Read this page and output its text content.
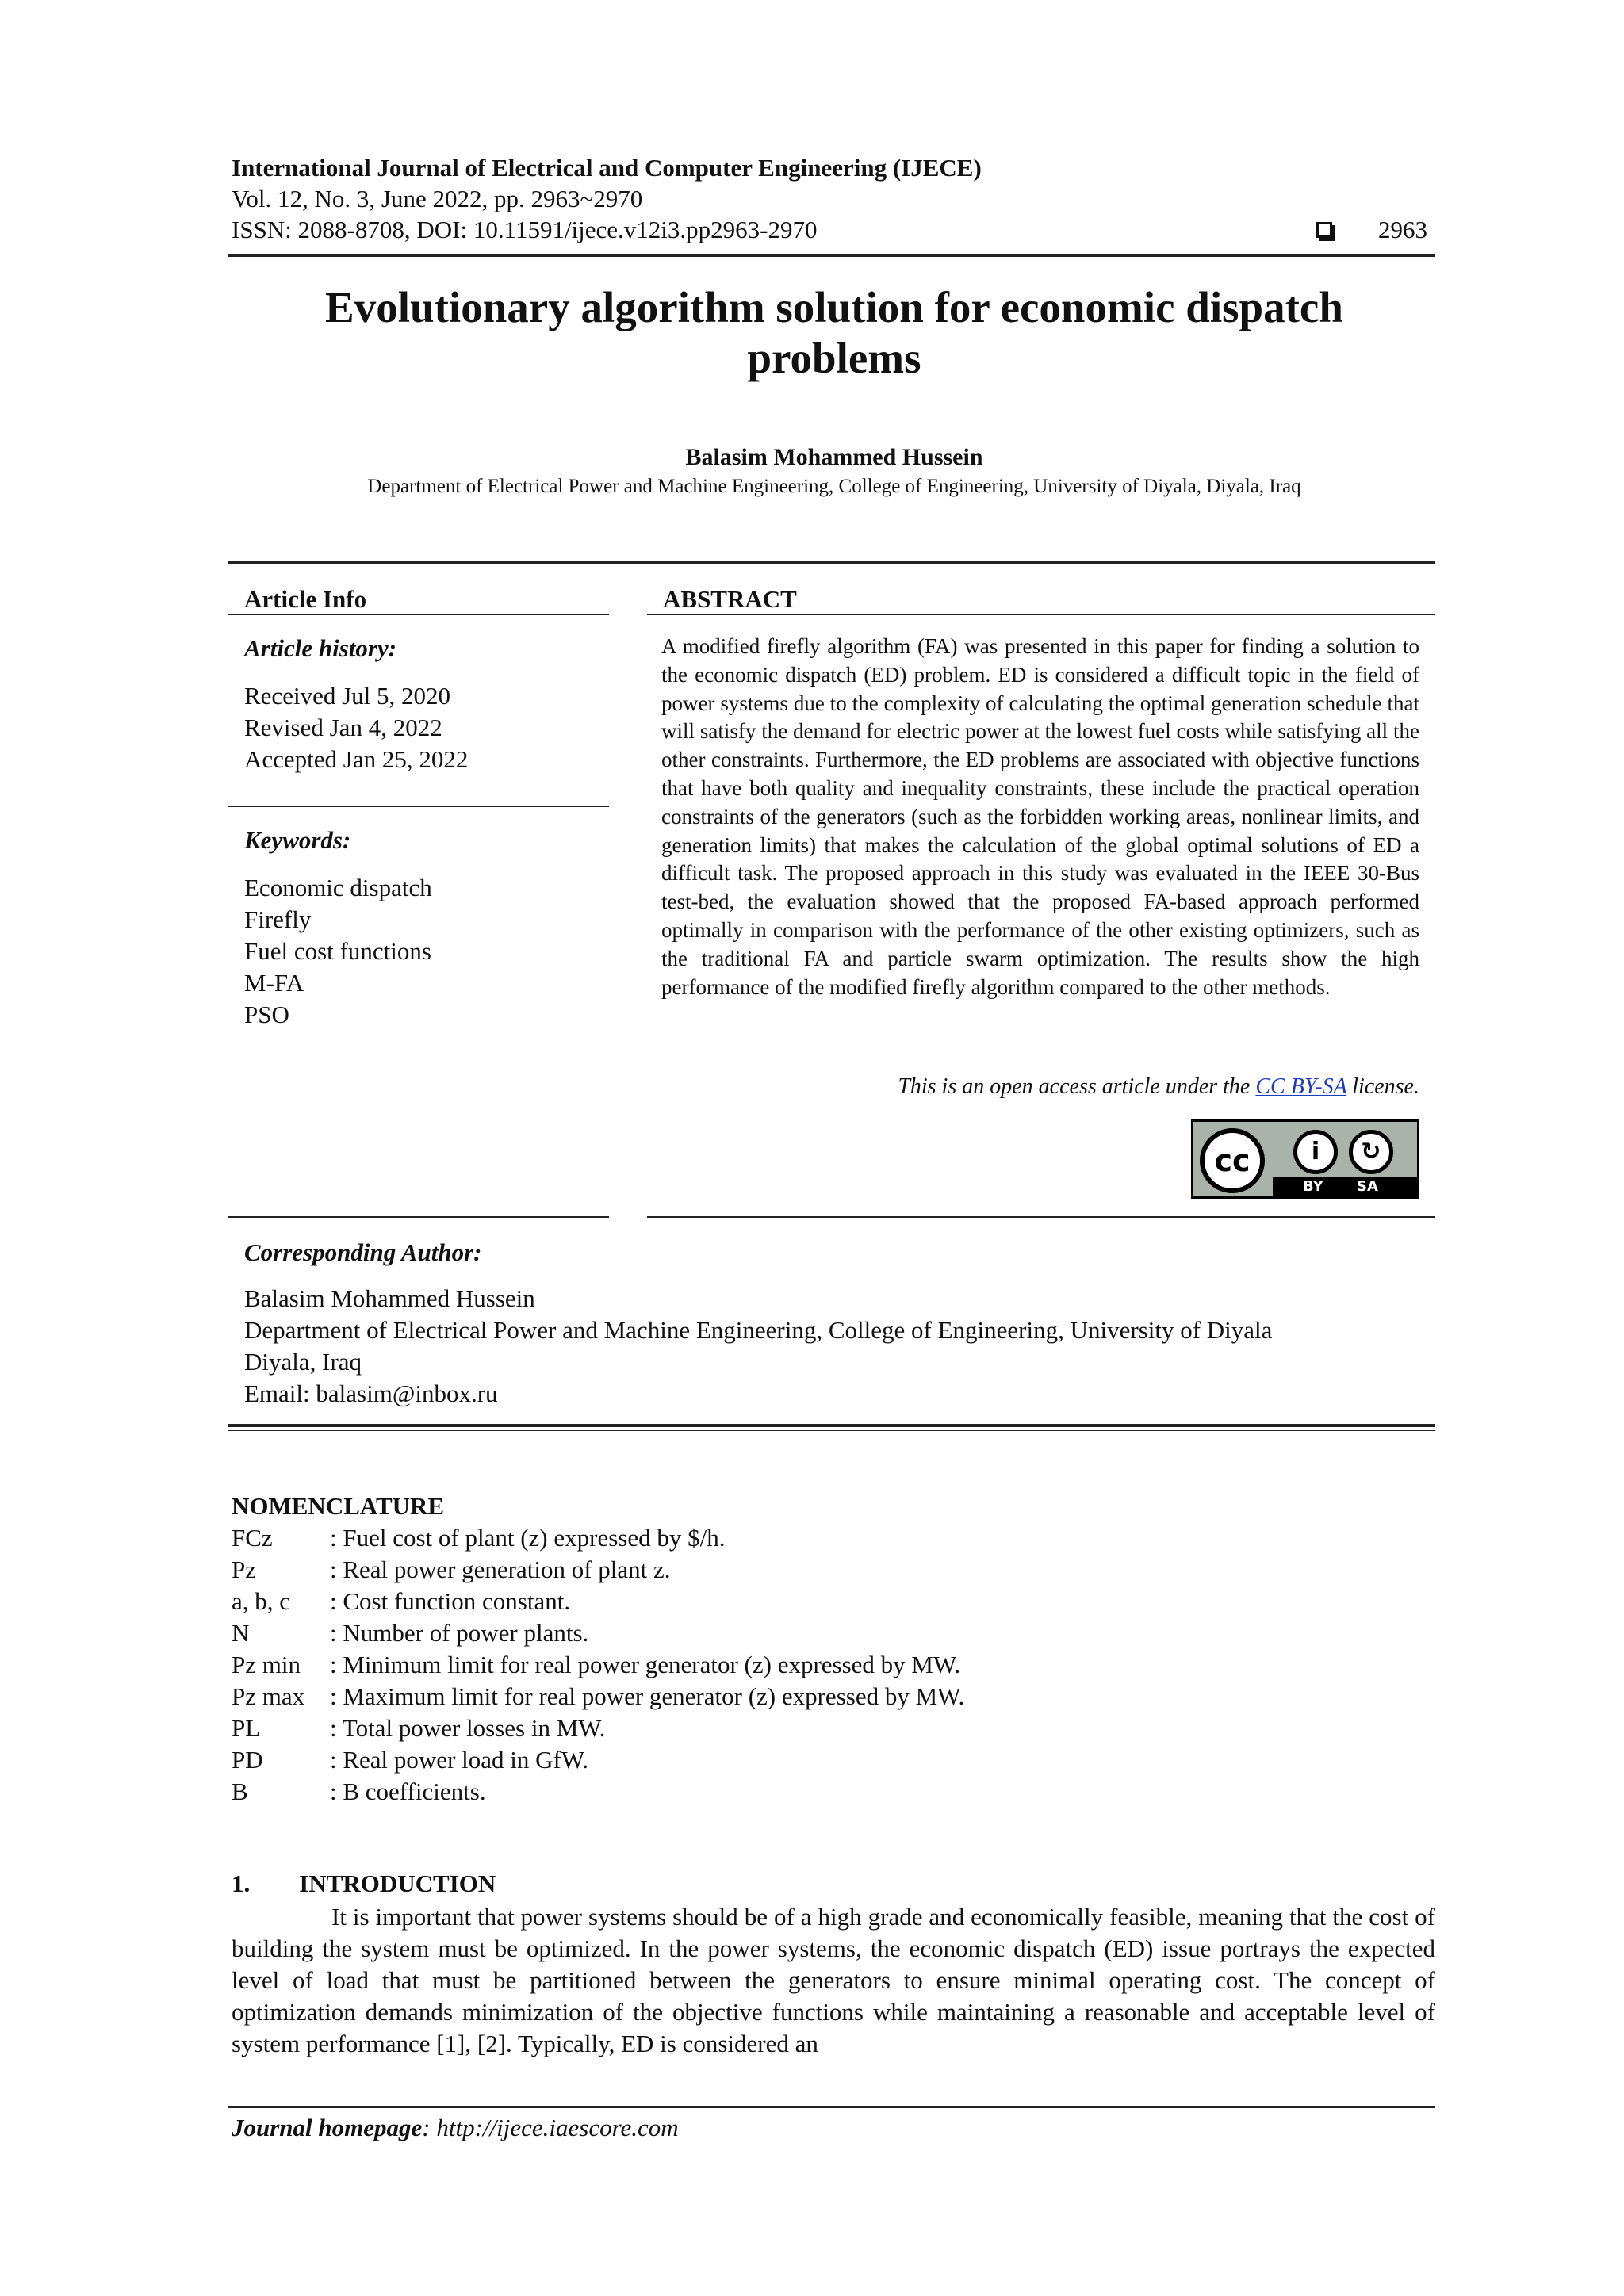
International Journal of Electrical and Computer Engineering (IJECE)
Vol. 12, No. 3, June 2022, pp. 2963~2970
ISSN: 2088-8708, DOI: 10.11591/ijece.v12i3.pp2963-2970	2963
Evolutionary algorithm solution for economic dispatch
problems
Balasim Mohammed Hussein
Department of Electrical Power and Machine Engineering, College of Engineering, University of Diyala, Diyala, Iraq
Article Info
Article history:
Received Jul 5, 2020
Revised Jan 4, 2022
Accepted Jan 25, 2022
Keywords:
Economic dispatch
Firefly
Fuel cost functions
M-FA
PSO
ABSTRACT
A modified firefly algorithm (FA) was presented in this paper for finding a solution to the economic dispatch (ED) problem. ED is considered a difficult topic in the field of power systems due to the complexity of calculating the optimal generation schedule that will satisfy the demand for electric power at the lowest fuel costs while satisfying all the other constraints. Furthermore, the ED problems are associated with objective functions that have both quality and inequality constraints, these include the practical operation constraints of the generators (such as the forbidden working areas, nonlinear limits, and generation limits) that makes the calculation of the global optimal solutions of ED a difficult task. The proposed approach in this study was evaluated in the IEEE 30-Bus test-bed, the evaluation showed that the proposed FA-based approach performed optimally in comparison with the performance of the other existing optimizers, such as the traditional FA and particle swarm optimization. The results show the high performance of the modified firefly algorithm compared to the other methods.
This is an open access article under the CC BY-SA license.
cc	i	↻
BY SA
Corresponding Author:
Balasim Mohammed Hussein
Department of Electrical Power and Machine Engineering, College of Engineering, University of Diyala
Diyala, Iraq
Email: balasim@inbox.ru
NOMENCLATURE
FCz : Fuel cost of plant (z) expressed by $/h.
Pz	: Real power generation of plant z.
a, b, c : Cost function constant.
N	: Number of power plants.
Pz min : Minimum limit for real power generator (z) expressed by MW.
Pz max : Maximum limit for real power generator (z) expressed by MW.
PL	: Total power losses in MW.
PD	: Real power load in GfW.
B	: B coefficients.
1.  INTRODUCTION
It is important that power systems should be of a high grade and economically feasible, meaning that the cost of building the system must be optimized. In the power systems, the economic dispatch (ED) issue portrays the expected level of load that must be partitioned between the generators to ensure minimal operating cost. The concept of optimization demands minimization of the objective functions while maintaining a reasonable and acceptable level of system performance [1], [2]. Typically, ED is considered an
Journal homepage: http://ijece.iaescore.com
